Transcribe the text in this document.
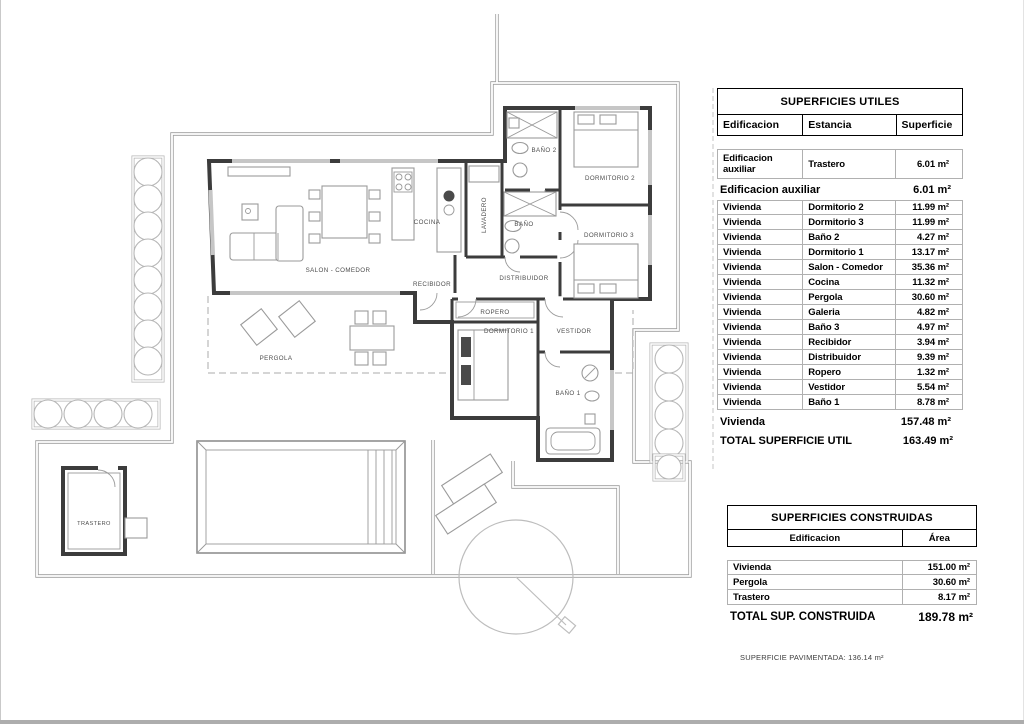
SALON - COMEDOR
COCINA	LAVADERO	BAÑO
BAÑO 2
DORMITORIO 2
DORMITORIO 3
DISTRIBUIDOR
RECIBIDOR
ROPERO
DORMITORIO 1	VESTIDOR
BAÑO 1
PERGOLA
TRASTERO
SUPERFICIES UTILES
Edificacion	Estancia	Superficie
Edificacion auxiliar	Trastero	6.01 m²
Edificacion auxiliar	6.01 m²
Vivienda	Dormitorio 2	11.99 m²
Vivienda	Dormitorio 3	11.99 m²
Vivienda	Baño 2	4.27 m²
Vivienda	Dormitorio 1	13.17 m²
Vivienda	Salon - Comedor	35.36 m²
Vivienda	Cocina	11.32 m²
Vivienda	Pergola	30.60 m²
Vivienda	Galeria	4.82 m²
Vivienda	Baño 3	4.97 m²
Vivienda	Recibidor	3.94 m²
Vivienda	Distribuidor	9.39 m²
Vivienda	Ropero	1.32 m²
Vivienda	Vestidor	5.54 m²
Vivienda	Baño 1	8.78 m²
Vivienda	157.48 m²
TOTAL SUPERFICIE UTIL	163.49 m²
SUPERFICIES CONSTRUIDAS
Edificacion	Área
Vivienda	151.00 m²
Pergola	30.60 m²
Trastero	8.17 m²
TOTAL SUP. CONSTRUIDA	189.78 m²
SUPERFICIE PAVIMENTADA: 136.14 m²
